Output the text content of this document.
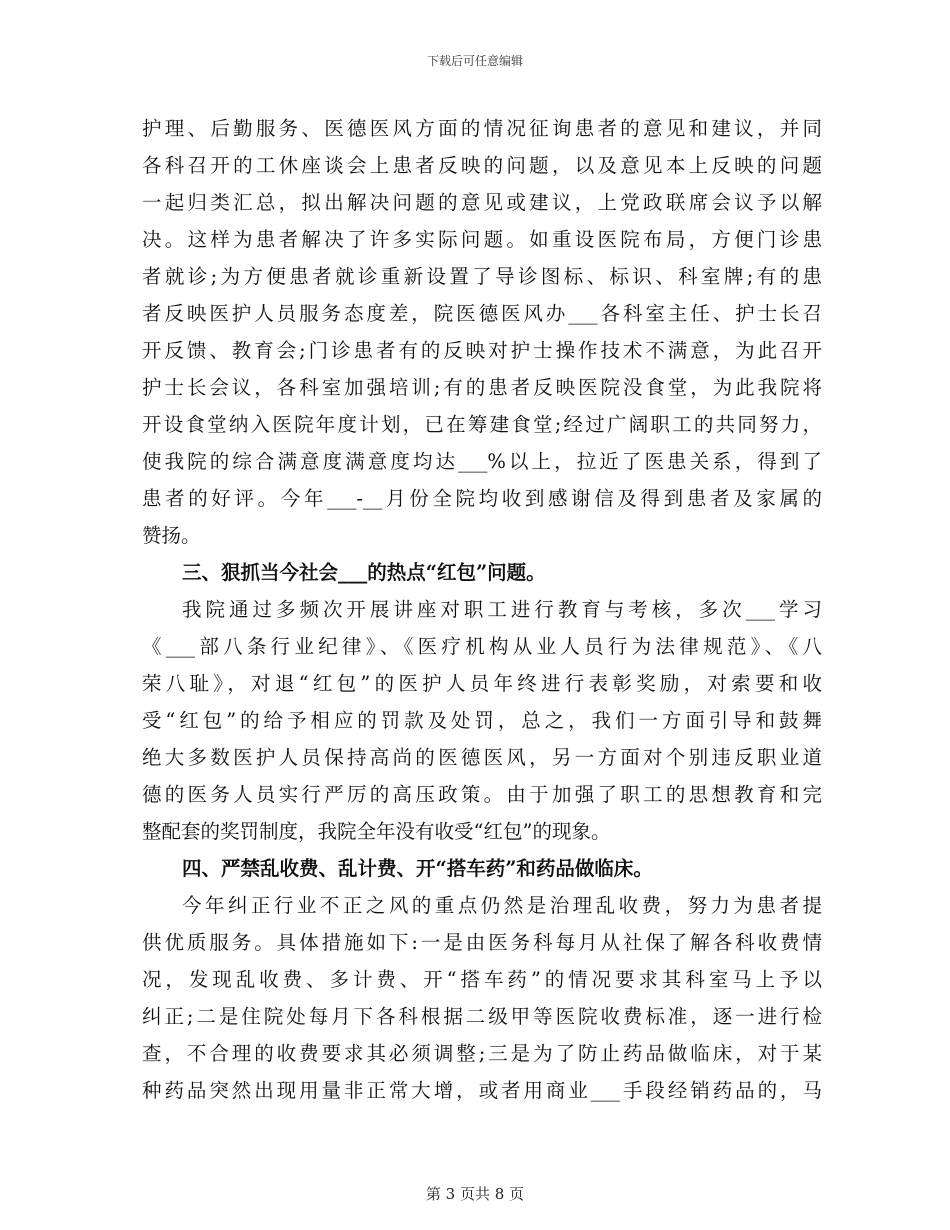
下载后可任意编辑
护理、后勤服务、医德医风方面的情况征询患者的意见和建议，并同
各科召开的工休座谈会上患者反映的问题，以及意见本上反映的问题
一起归类汇总，拟出解决问题的意见或建议，上党政联席会议予以解
决。这样为患者解决了许多实际问题。如重设医院布局，方便门诊患
者就诊;为方便患者就诊重新设置了导诊图标、标识、科室牌;有的患
者反映医护人员服务态度差，院医德医风办___各科室主任、护士长召
开反馈、教育会;门诊患者有的反映对护士操作技术不满意，为此召开
护士长会议，各科室加强培训;有的患者反映医院没食堂，为此我院将
开设食堂纳入医院年度计划，已在筹建食堂;经过广阔职工的共同努力，
使我院的综合满意度满意度均达___%以上，拉近了医患关系，得到了
患者的好评。今年___-__月份全院均收到感谢信及得到患者及家属的
赞扬。
三、狠抓当今社会___的热点“红包”问题。
我院通过多频次开展讲座对职工进行教育与考核，多次___学习
《___部八条行业纪律》、《医疗机构从业人员行为法律规范》、《八
荣八耻》，对退“红包”的医护人员年终进行表彰奖励，对索要和收
受“红包”的给予相应的罚款及处罚，总之，我们一方面引导和鼓舞
绝大多数医护人员保持高尚的医德医风，另一方面对个别违反职业道
德的医务人员实行严厉的高压政策。由于加强了职工的思想教育和完
整配套的奖罚制度，我院全年没有收受“红包”的现象。
四、严禁乱收费、乱计费、开“搭车药”和药品做临床。
今年纠正行业不正之风的重点仍然是治理乱收费，努力为患者提
供优质服务。具体措施如下:一是由医务科每月从社保了解各科收费情
况，发现乱收费、多计费、开“搭车药”的情况要求其科室马上予以
纠正;二是住院处每月下各科根据二级甲等医院收费标准，逐一进行检
查，不合理的收费要求其必须调整;三是为了防止药品做临床，对于某
种药品突然出现用量非正常大增，或者用商业___手段经销药品的，马
第 3 页共 8 页
